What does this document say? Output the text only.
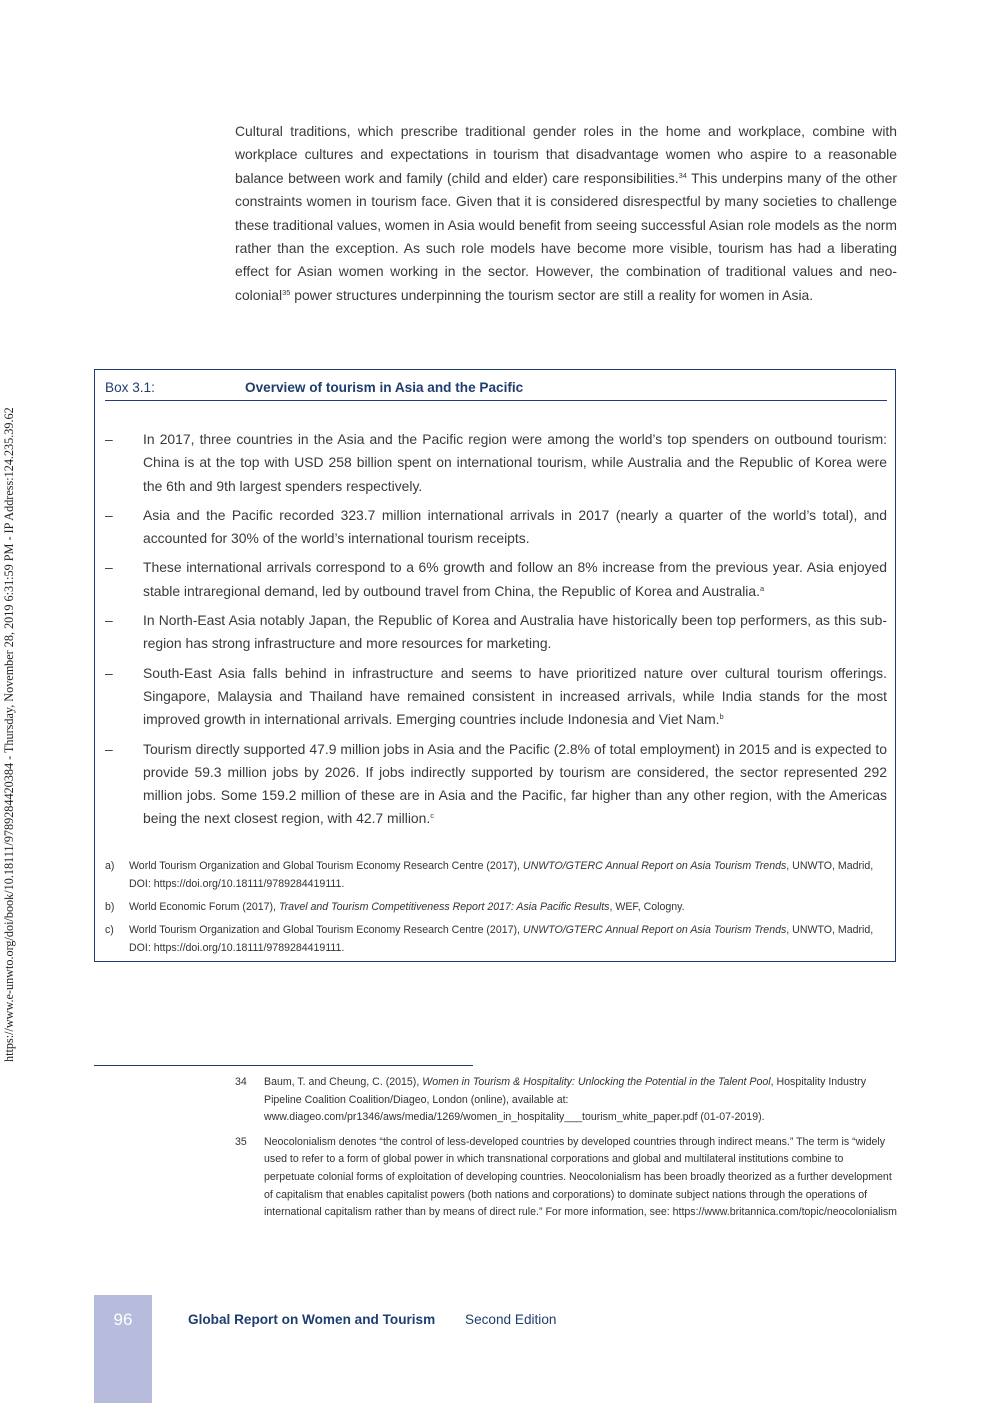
https://www.e-unwto.org/doi/book/10.18111/9789284420384 - Thursday, November 28, 2019 6:31:59 PM - IP Address:124.235.39.62

Cultural traditions, which prescribe traditional gender roles in the home and workplace, combine with workplace cultures and expectations in tourism that disadvantage women who aspire to a reasonable balance between work and family (child and elder) care responsibilities.$^{34}$ This underpins many of the other constraints women in tourism face. Given that it is considered disrespectful by many societies to challenge these traditional values, women in Asia would benefit from seeing successful Asian role models as the norm rather than the exception. As such role models have become more visible, tourism has had a liberating effect for Asian women working in the sector. However, the combination of traditional values and neo-colonial$^{35}$ power structures underpinning the tourism sector are still a reality for women in Asia.

Box 3.1:	Overview of tourism in Asia and the Pacific
– In 2017, three countries in the Asia and the Pacific region were among the world’s top spenders on outbound tourism: China is at the top with USD 258 billion spent on international tourism, while Australia and the Republic of Korea were the 6th and 9th largest spenders respectively.
– Asia and the Pacific recorded 323.7 million international arrivals in 2017 (nearly a quarter of the world’s total), and accounted for 30% of the world’s international tourism receipts.
– These international arrivals correspond to a 6% growth and follow an 8% increase from the previous year. Asia enjoyed stable intraregional demand, led by outbound travel from China, the Republic of Korea and Australia.$^a$
– In North-East Asia notably Japan, the Republic of Korea and Australia have historically been top performers, as this sub-region has strong infrastructure and more resources for marketing.
– South-East Asia falls behind in infrastructure and seems to have prioritized nature over cultural tourism offerings. Singapore, Malaysia and Thailand have remained consistent in increased arrivals, while India stands for the most improved growth in international arrivals. Emerging countries include Indonesia and Viet Nam.$^b$
– Tourism directly supported 47.9 million jobs in Asia and the Pacific (2.8% of total employment) in 2015 and is expected to provide 59.3 million jobs by 2026. If jobs indirectly supported by tourism are considered, the sector represented 292 million jobs. Some 159.2 million of these are in Asia and the Pacific, far higher than any other region, with the Americas being the next closest region, with 42.7 million.$^c$
a) World Tourism Organization and Global Tourism Economy Research Centre (2017), UNWTO/GTERC Annual Report on Asia Tourism Trends, UNWTO, Madrid, DOI: https://doi.org/10.18111/9789284419111.
b) World Economic Forum (2017), Travel and Tourism Competitiveness Report 2017: Asia Pacific Results, WEF, Cologny.
c) World Tourism Organization and Global Tourism Economy Research Centre (2017), UNWTO/GTERC Annual Report on Asia Tourism Trends, UNWTO, Madrid, DOI: https://doi.org/10.18111/9789284419111.
34 Baum, T. and Cheung, C. (2015), Women in Tourism & Hospitality: Unlocking the Potential in the Talent Pool, Hospitality Industry Pipeline Coalition Coalition/Diageo, London (online), available at: www.diageo.com/pr1346/aws/media/1269/women_in_hospitality___tourism_white_paper.pdf (01-07-2019).
35 Neocolonialism denotes “the control of less-developed countries by developed countries through indirect means.” The term is “widely used to refer to a form of global power in which transnational corporations and global and multilateral institutions combine to perpetuate colonial forms of exploitation of developing countries. Neocolonialism has been broadly theorized as a further development of capitalism that enables capitalist powers (both nations and corporations) to dominate subject nations through the operations of international capitalism rather than by means of direct rule.” For more information, see: https://www.britannica.com/topic/neocolonialism
96	Global Report on Women and Tourism Second Edition
